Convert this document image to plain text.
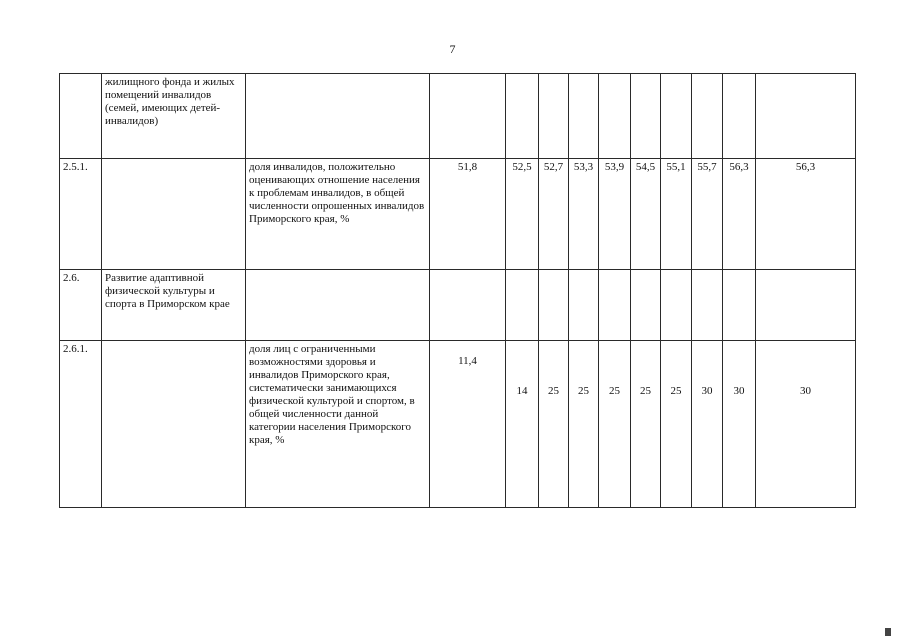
7
	жилищного фонда и жилых помещений инвалидов (семей, имеющих детей-инвалидов)											
2.5.1.		доля инвалидов, положительно оценивающих отношение населения к проблемам инвалидов, в общей численности опрошенных инвалидов Приморского края, %	51,8	52,5	52,7	53,3	53,9	54,5	55,1	55,7	56,3	56,3
2.6.	Развитие адаптивной физической культуры и спорта в Приморском крае											
2.6.1.		доля лиц с ограниченными возможностями здоровья и инвалидов Приморского края, систематически занимающихся физической культурой и спортом, в общей численности данной категории населения Приморского края, %	11,4	14	25	25	25	25	25	30	30	30
